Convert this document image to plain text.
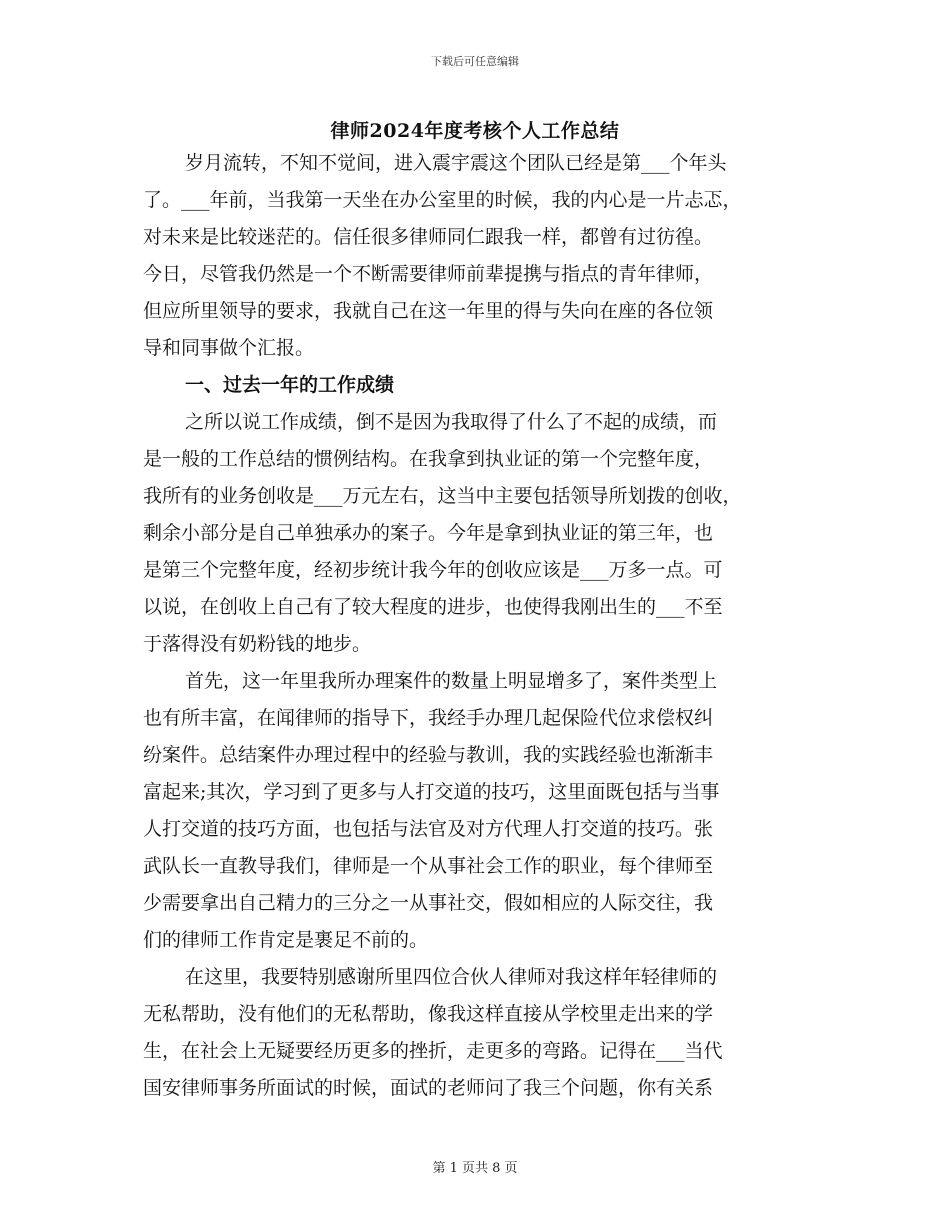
下载后可任意编辑
律师2024年度考核个人工作总结
岁月流转，不知不觉间，进入震宇震这个团队已经是第___个年头
了。___年前，当我第一天坐在办公室里的时候，我的内心是一片忐忑，
对未来是比较迷茫的。信任很多律师同仁跟我一样，都曾有过彷徨。
今日，尽管我仍然是一个不断需要律师前辈提携与指点的青年律师，
但应所里领导的要求，我就自己在这一年里的得与失向在座的各位领
导和同事做个汇报。
一、过去一年的工作成绩
之所以说工作成绩，倒不是因为我取得了什么了不起的成绩，而
是一般的工作总结的惯例结构。在我拿到执业证的第一个完整年度，
我所有的业务创收是___万元左右，这当中主要包括领导所划拨的创收，
剩余小部分是自己单独承办的案子。今年是拿到执业证的第三年，也
是第三个完整年度，经初步统计我今年的创收应该是___万多一点。可
以说，在创收上自己有了较大程度的进步，也使得我刚出生的___不至
于落得没有奶粉钱的地步。
首先，这一年里我所办理案件的数量上明显增多了，案件类型上
也有所丰富，在闻律师的指导下，我经手办理几起保险代位求偿权纠
纷案件。总结案件办理过程中的经验与教训，我的实践经验也渐渐丰
富起来;其次，学习到了更多与人打交道的技巧，这里面既包括与当事
人打交道的技巧方面，也包括与法官及对方代理人打交道的技巧。张
武队长一直教导我们，律师是一个从事社会工作的职业，每个律师至
少需要拿出自己精力的三分之一从事社交，假如相应的人际交往，我
们的律师工作肯定是裹足不前的。
在这里，我要特别感谢所里四位合伙人律师对我这样年轻律师的
无私帮助，没有他们的无私帮助，像我这样直接从学校里走出来的学
生，在社会上无疑要经历更多的挫折，走更多的弯路。记得在___当代
国安律师事务所面试的时候，面试的老师问了我三个问题，你有关系
第 1 页共 8 页
